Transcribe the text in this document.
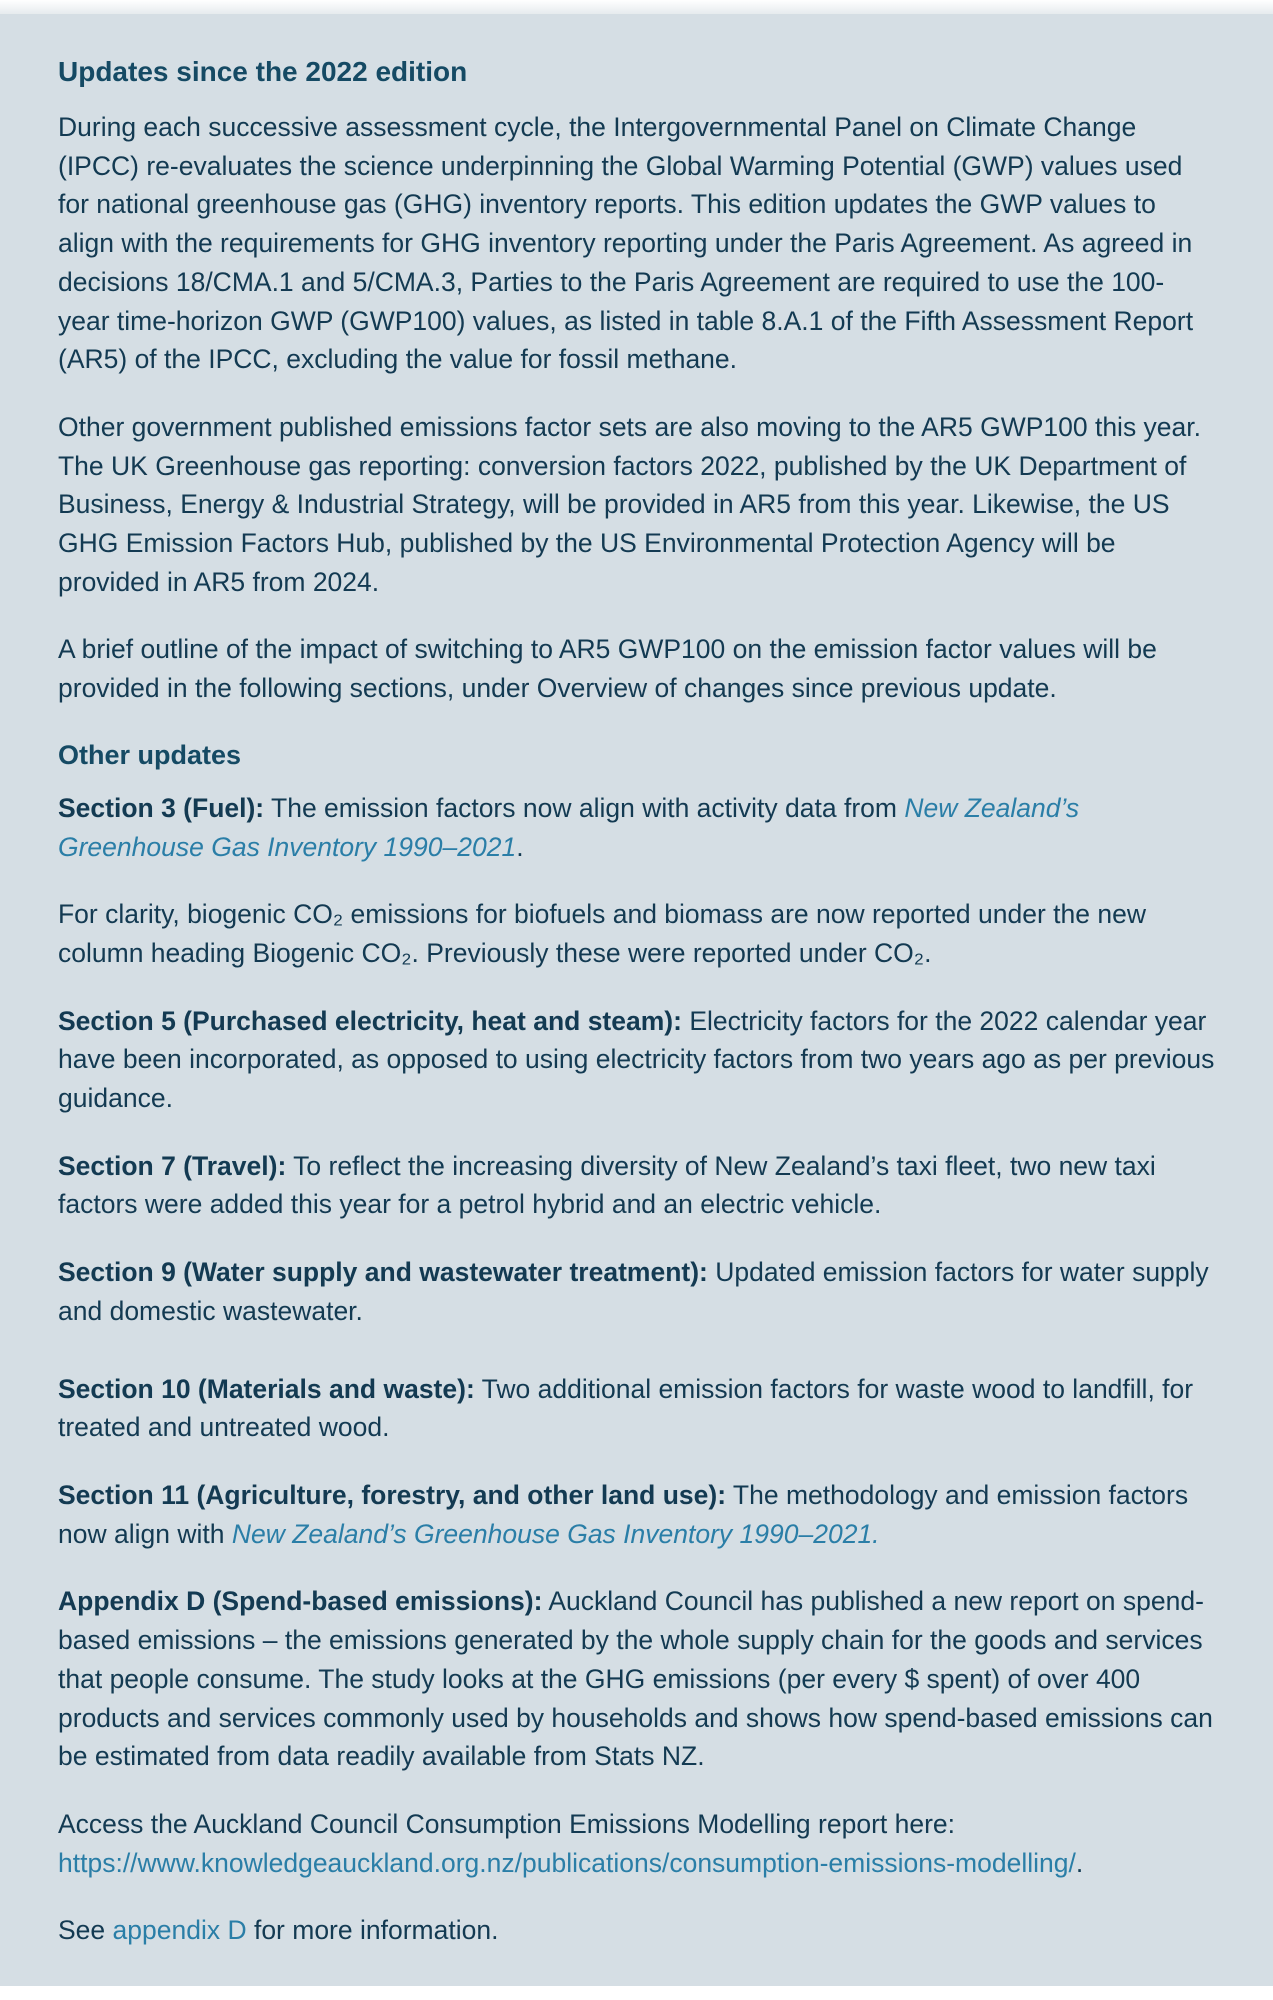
Updates since the 2022 edition

During each successive assessment cycle, the Intergovernmental Panel on Climate Change (IPCC) re-evaluates the science underpinning the Global Warming Potential (GWP) values used for national greenhouse gas (GHG) inventory reports. This edition updates the GWP values to align with the requirements for GHG inventory reporting under the Paris Agreement. As agreed in decisions 18/CMA.1 and 5/CMA.3, Parties to the Paris Agreement are required to use the 100-year time-horizon GWP (GWP100) values, as listed in table 8.A.1 of the Fifth Assessment Report (AR5) of the IPCC, excluding the value for fossil methane.

Other government published emissions factor sets are also moving to the AR5 GWP100 this year. The UK Greenhouse gas reporting: conversion factors 2022, published by the UK Department of Business, Energy & Industrial Strategy, will be provided in AR5 from this year. Likewise, the US GHG Emission Factors Hub, published by the US Environmental Protection Agency will be provided in AR5 from 2024.

A brief outline of the impact of switching to AR5 GWP100 on the emission factor values will be provided in the following sections, under Overview of changes since previous update.

Other updates

Section 3 (Fuel): The emission factors now align with activity data from New Zealand’s Greenhouse Gas Inventory 1990–2021.

For clarity, biogenic CO₂ emissions for biofuels and biomass are now reported under the new column heading Biogenic CO₂. Previously these were reported under CO₂.

Section 5 (Purchased electricity, heat and steam): Electricity factors for the 2022 calendar year have been incorporated, as opposed to using electricity factors from two years ago as per previous guidance.

Section 7 (Travel): To reflect the increasing diversity of New Zealand’s taxi fleet, two new taxi factors were added this year for a petrol hybrid and an electric vehicle.

Section 9 (Water supply and wastewater treatment): Updated emission factors for water supply and domestic wastewater.

Section 10 (Materials and waste): Two additional emission factors for waste wood to landfill, for treated and untreated wood.

Section 11 (Agriculture, forestry, and other land use): The methodology and emission factors now align with New Zealand’s Greenhouse Gas Inventory 1990–2021.

Appendix D (Spend-based emissions): Auckland Council has published a new report on spend-based emissions – the emissions generated by the whole supply chain for the goods and services that people consume. The study looks at the GHG emissions (per every $ spent) of over 400 products and services commonly used by households and shows how spend-based emissions can be estimated from data readily available from Stats NZ.

Access the Auckland Council Consumption Emissions Modelling report here: https://www.knowledgeauckland.org.nz/publications/consumption-emissions-modelling/.

See appendix D for more information.
